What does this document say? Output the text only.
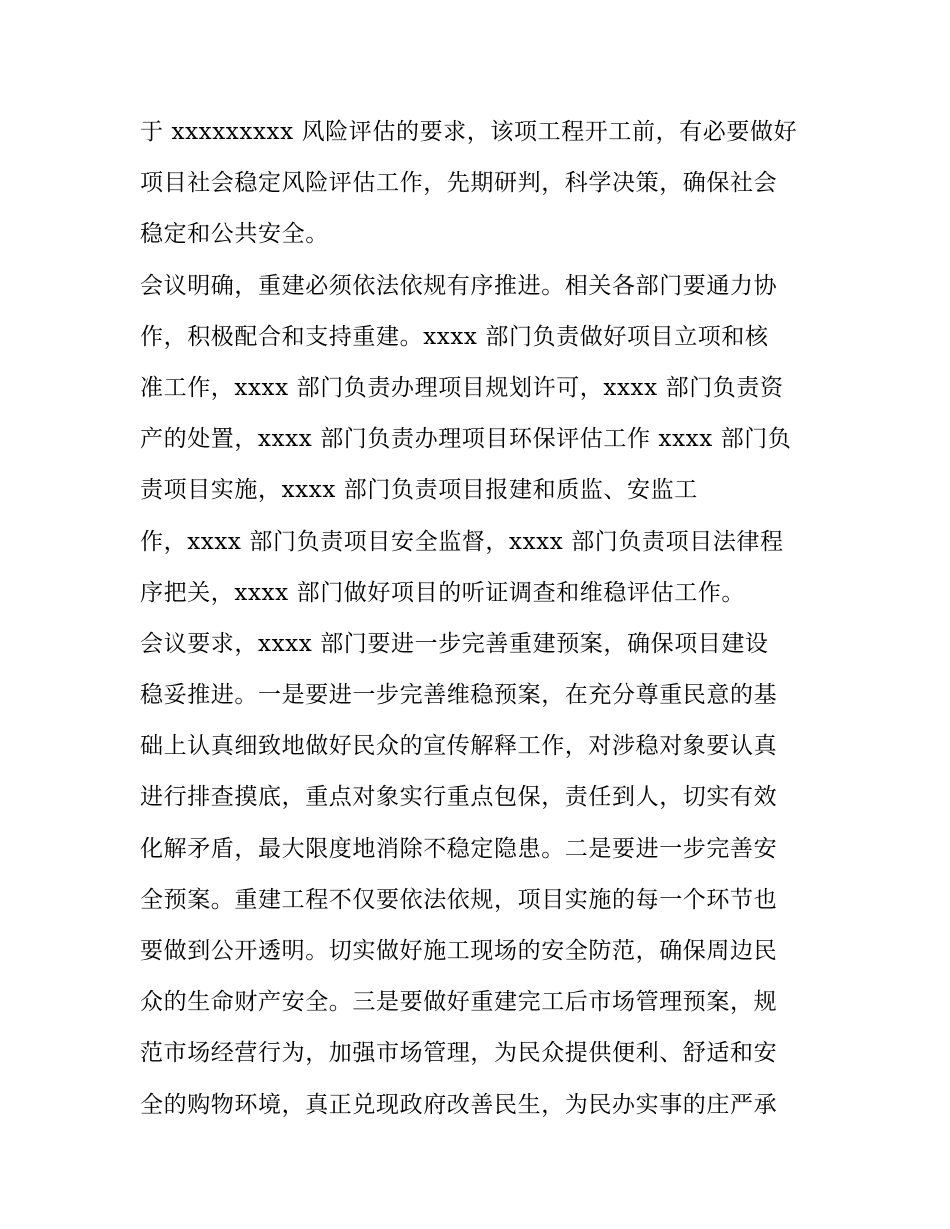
于 xxxxxxxxx 风险评估的要求，该项工程开工前，有必要做好
项目社会稳定风险评估工作，先期研判，科学决策，确保社会
稳定和公共安全。
会议明确，重建必须依法依规有序推进。相关各部门要通力协
作，积极配合和支持重建。xxxx 部门负责做好项目立项和核
准工作，xxxx 部门负责办理项目规划许可，xxxx 部门负责资
产的处置，xxxx 部门负责办理项目环保评估工作 xxxx 部门负
责项目实施，xxxx 部门负责项目报建和质监、安监工
作，xxxx 部门负责项目安全监督，xxxx 部门负责项目法律程
序把关，xxxx 部门做好项目的听证调查和维稳评估工作。
会议要求，xxxx 部门要进一步完善重建预案，确保项目建设
稳妥推进。一是要进一步完善维稳预案，在充分尊重民意的基
础上认真细致地做好民众的宣传解释工作，对涉稳对象要认真
进行排查摸底，重点对象实行重点包保，责任到人，切实有效
化解矛盾，最大限度地消除不稳定隐患。二是要进一步完善安
全预案。重建工程不仅要依法依规，项目实施的每一个环节也
要做到公开透明。切实做好施工现场的安全防范，确保周边民
众的生命财产安全。三是要做好重建完工后市场管理预案，规
范市场经营行为，加强市场管理，为民众提供便利、舒适和安
全的购物环境，真正兑现政府改善民生，为民办实事的庄严承
